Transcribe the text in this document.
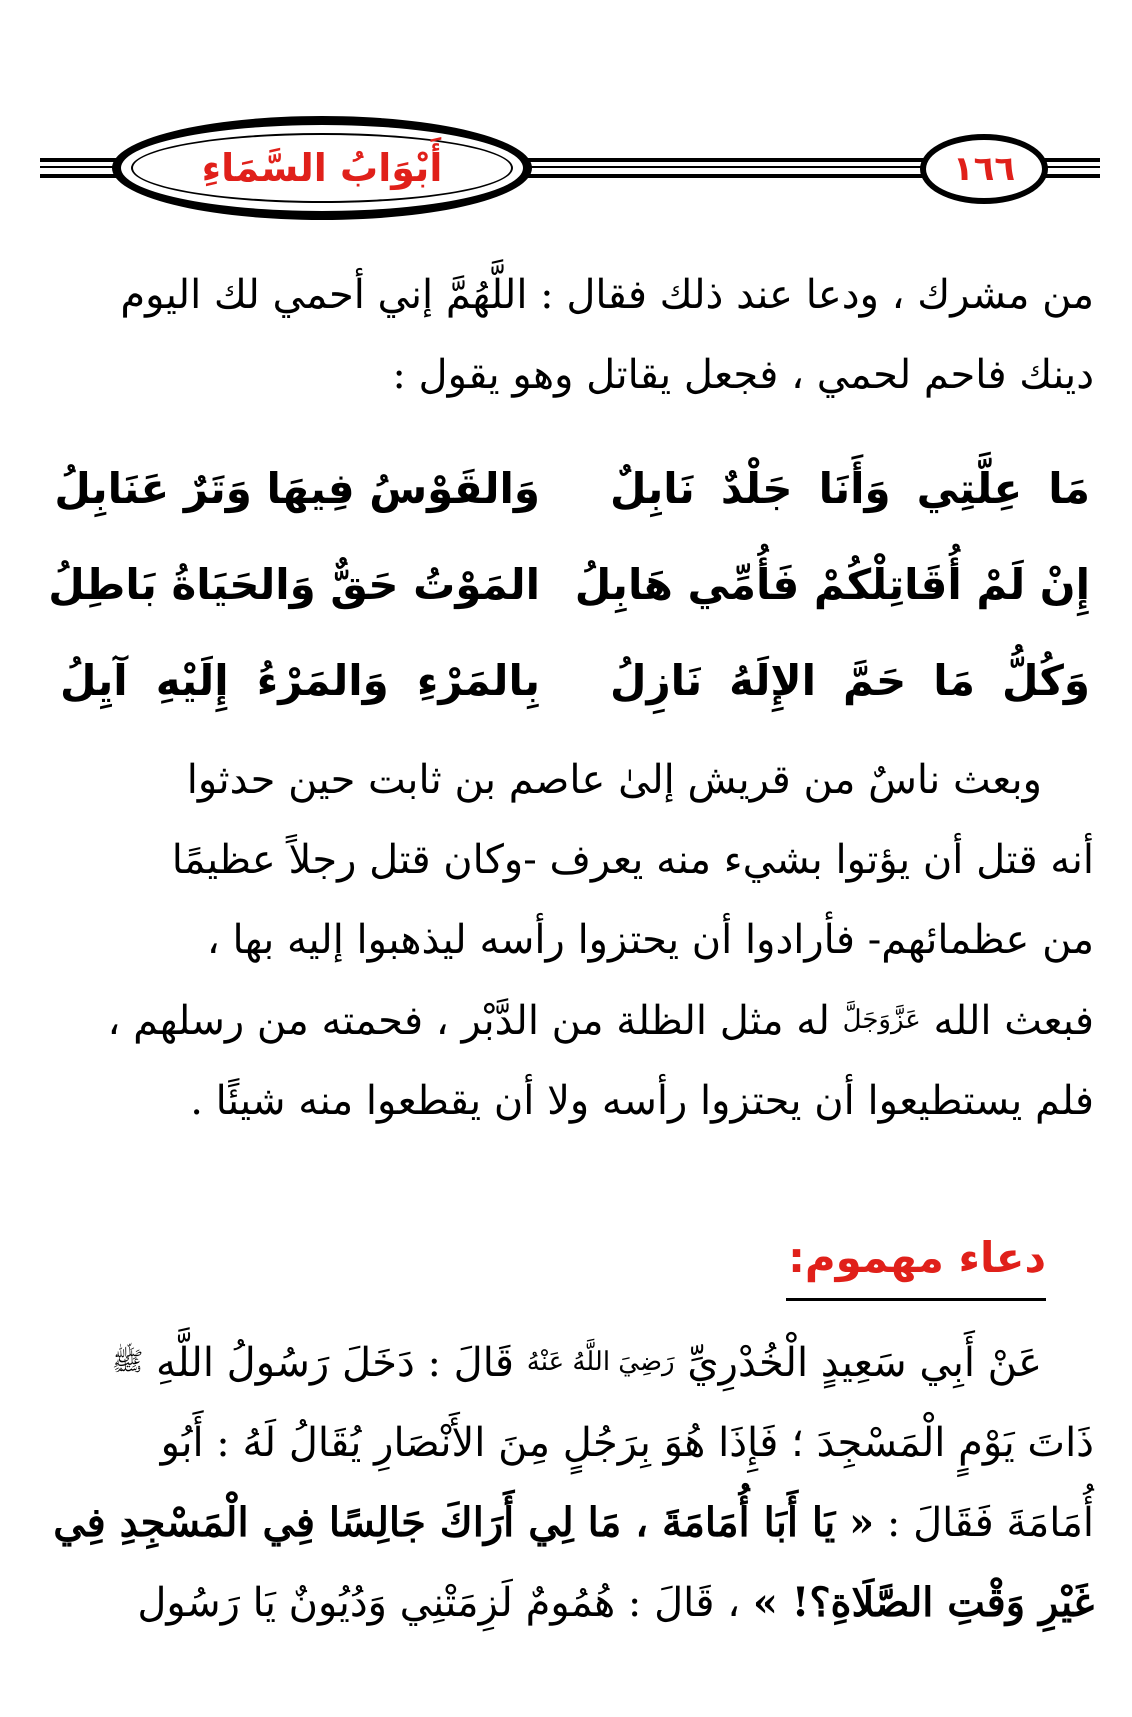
أَبْوَابُ السَّمَاءِ	١٦٦

من مشرك ، ودعا عند ذلك فقال : اللَّهُمَّ إني أحمي لك اليوم

دينك فاحم لحمي ، فجعل يقاتل وهو يقول :

مَا عِلَّتِي وَأَنَا جَلْدٌ نَابِلٌ
وَالقَوْسُ فِيهَا وَتَرٌ عَنَابِلُ
إِنْ لَمْ أُقَاتِلْكُمْ فَأُمِّي هَابِلُ
المَوْتُ حَقٌّ وَالحَيَاةُ بَاطِلُ
وَكُلُّ مَا حَمَّ الإِلَهُ نَازِلُ
بِالمَرْءِ وَالمَرْءُ إِلَيْهِ آيِلُ

وبعث ناسٌ من قريش إلىٰ عاصم بن ثابت حين حدثوا

أنه قتل أن يؤتوا بشيء منه يعرف -وكان قتل رجلاً عظيمًا

من عظمائهم- فأرادوا أن يحتزوا رأسه ليذهبوا إليه بها ،

فبعث الله عَزَّوَجَلَّ له مثل الظلة من الدَّبْر ، فحمته من رسلهم ،

فلم يستطيعوا أن يحتزوا رأسه ولا أن يقطعوا منه شيئًا .

دعاء مهموم:

عَنْ أَبِي سَعِيدٍ الْخُدْرِيِّ رَضِيَ اللَّهُ عَنْهُ قَالَ : دَخَلَ رَسُولُ اللَّهِ ﷺ

ذَاتَ يَوْمٍ الْمَسْجِدَ ؛ فَإِذَا هُوَ بِرَجُلٍ مِنَ الأَنْصَارِ يُقَالُ لَهُ : أَبُو

أُمَامَةَ فَقَالَ : « يَا أَبَا أُمَامَةَ ، مَا لِي أَرَاكَ جَالِسًا فِي الْمَسْجِدِ فِي

غَيْرِ وَقْتِ الصَّلَاةِ؟! » ، قَالَ : هُمُومٌ لَزِمَتْنِي وَدُيُونٌ يَا رَسُول
